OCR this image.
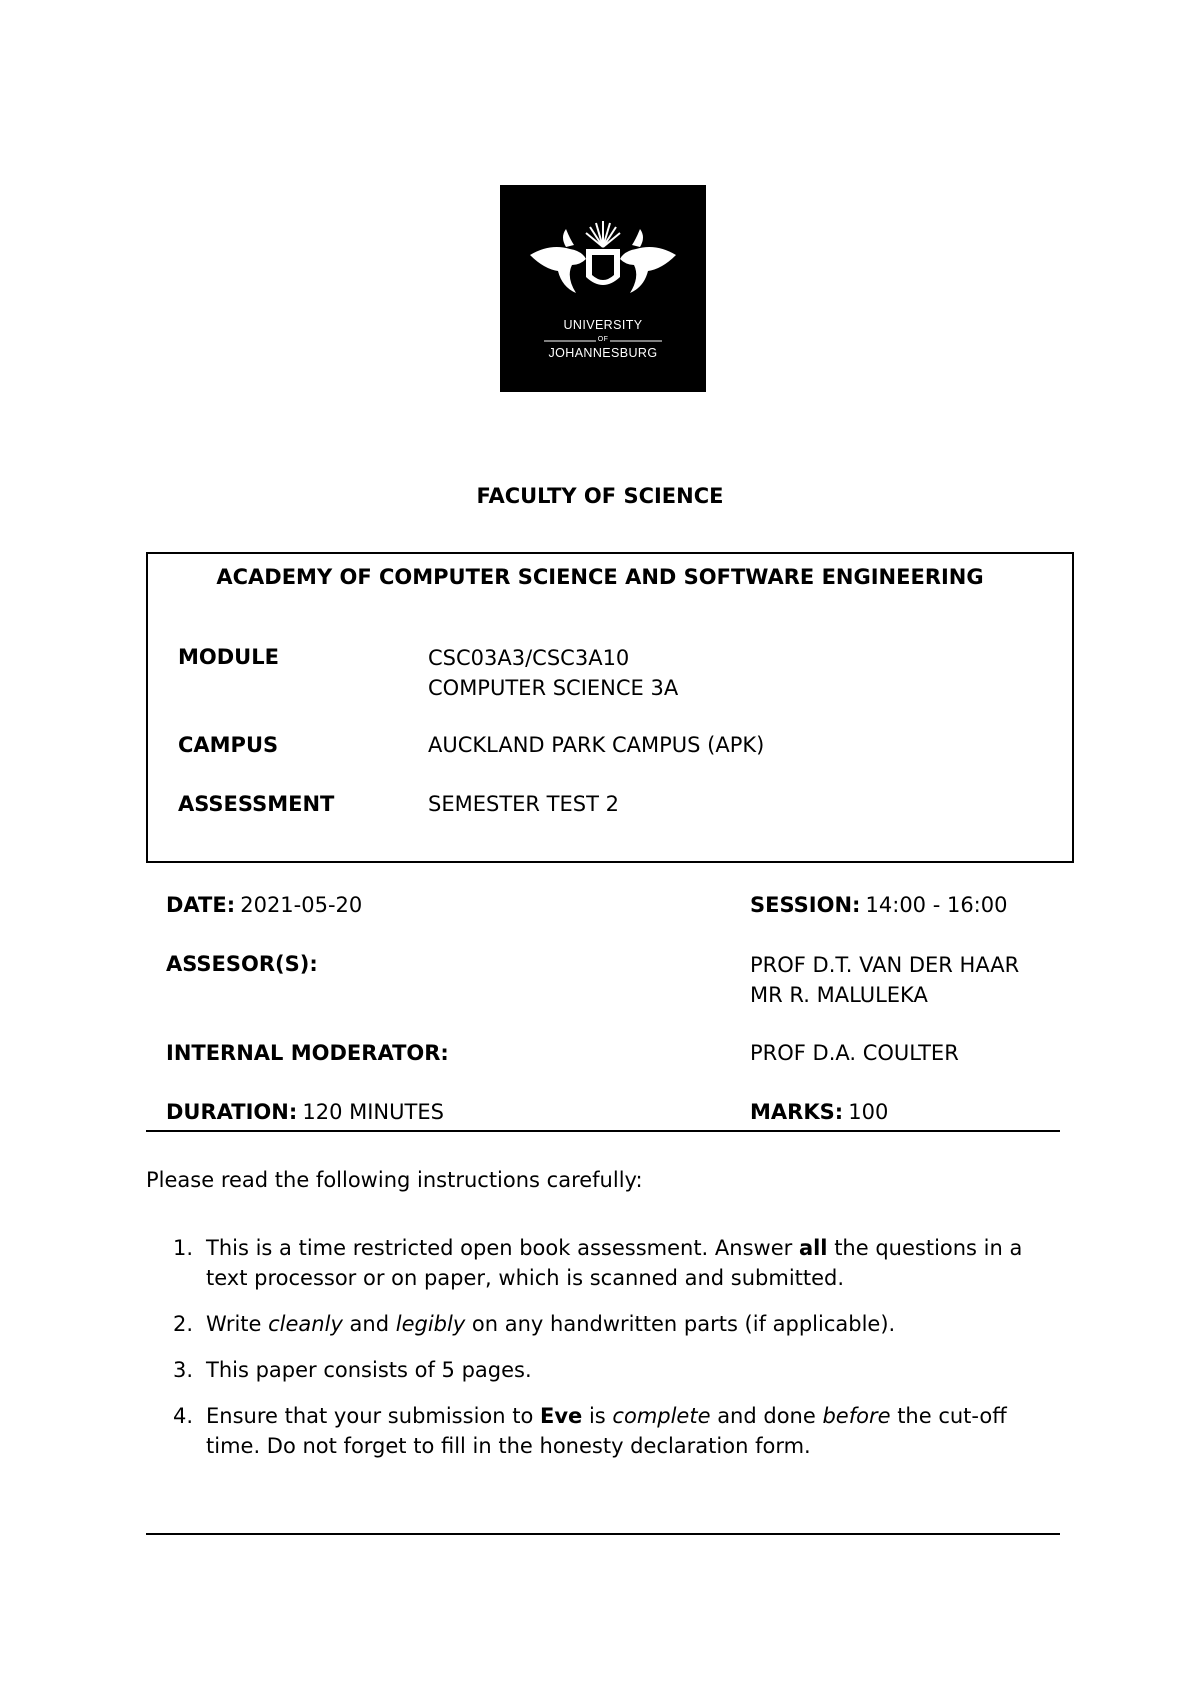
UNIVERSITY
OF
JOHANNESBURG
FACULTY OF SCIENCE
ACADEMY OF COMPUTER SCIENCE AND SOFTWARE ENGINEERING
MODULE	CSC03A3/CSC3A10
COMPUTER SCIENCE 3A
CAMPUS	AUCKLAND PARK CAMPUS (APK)
ASSESSMENT	SEMESTER TEST 2
DATE: 2021-05-20	SESSION: 14:00 - 16:00
ASSESOR(S):	PROF D.T. VAN DER HAAR
MR R. MALULEKA
INTERNAL MODERATOR:	PROF D.A. COULTER
DURATION: 120 MINUTES	MARKS: 100
Please read the following instructions carefully:
1. This is a time restricted open book assessment. Answer all the questions in a text processor or on paper, which is scanned and submitted.
2. Write cleanly and legibly on any handwritten parts (if applicable).
3. This paper consists of 5 pages.
4. Ensure that your submission to Eve is complete and done before the cut-off time. Do not forget to fill in the honesty declaration form.
